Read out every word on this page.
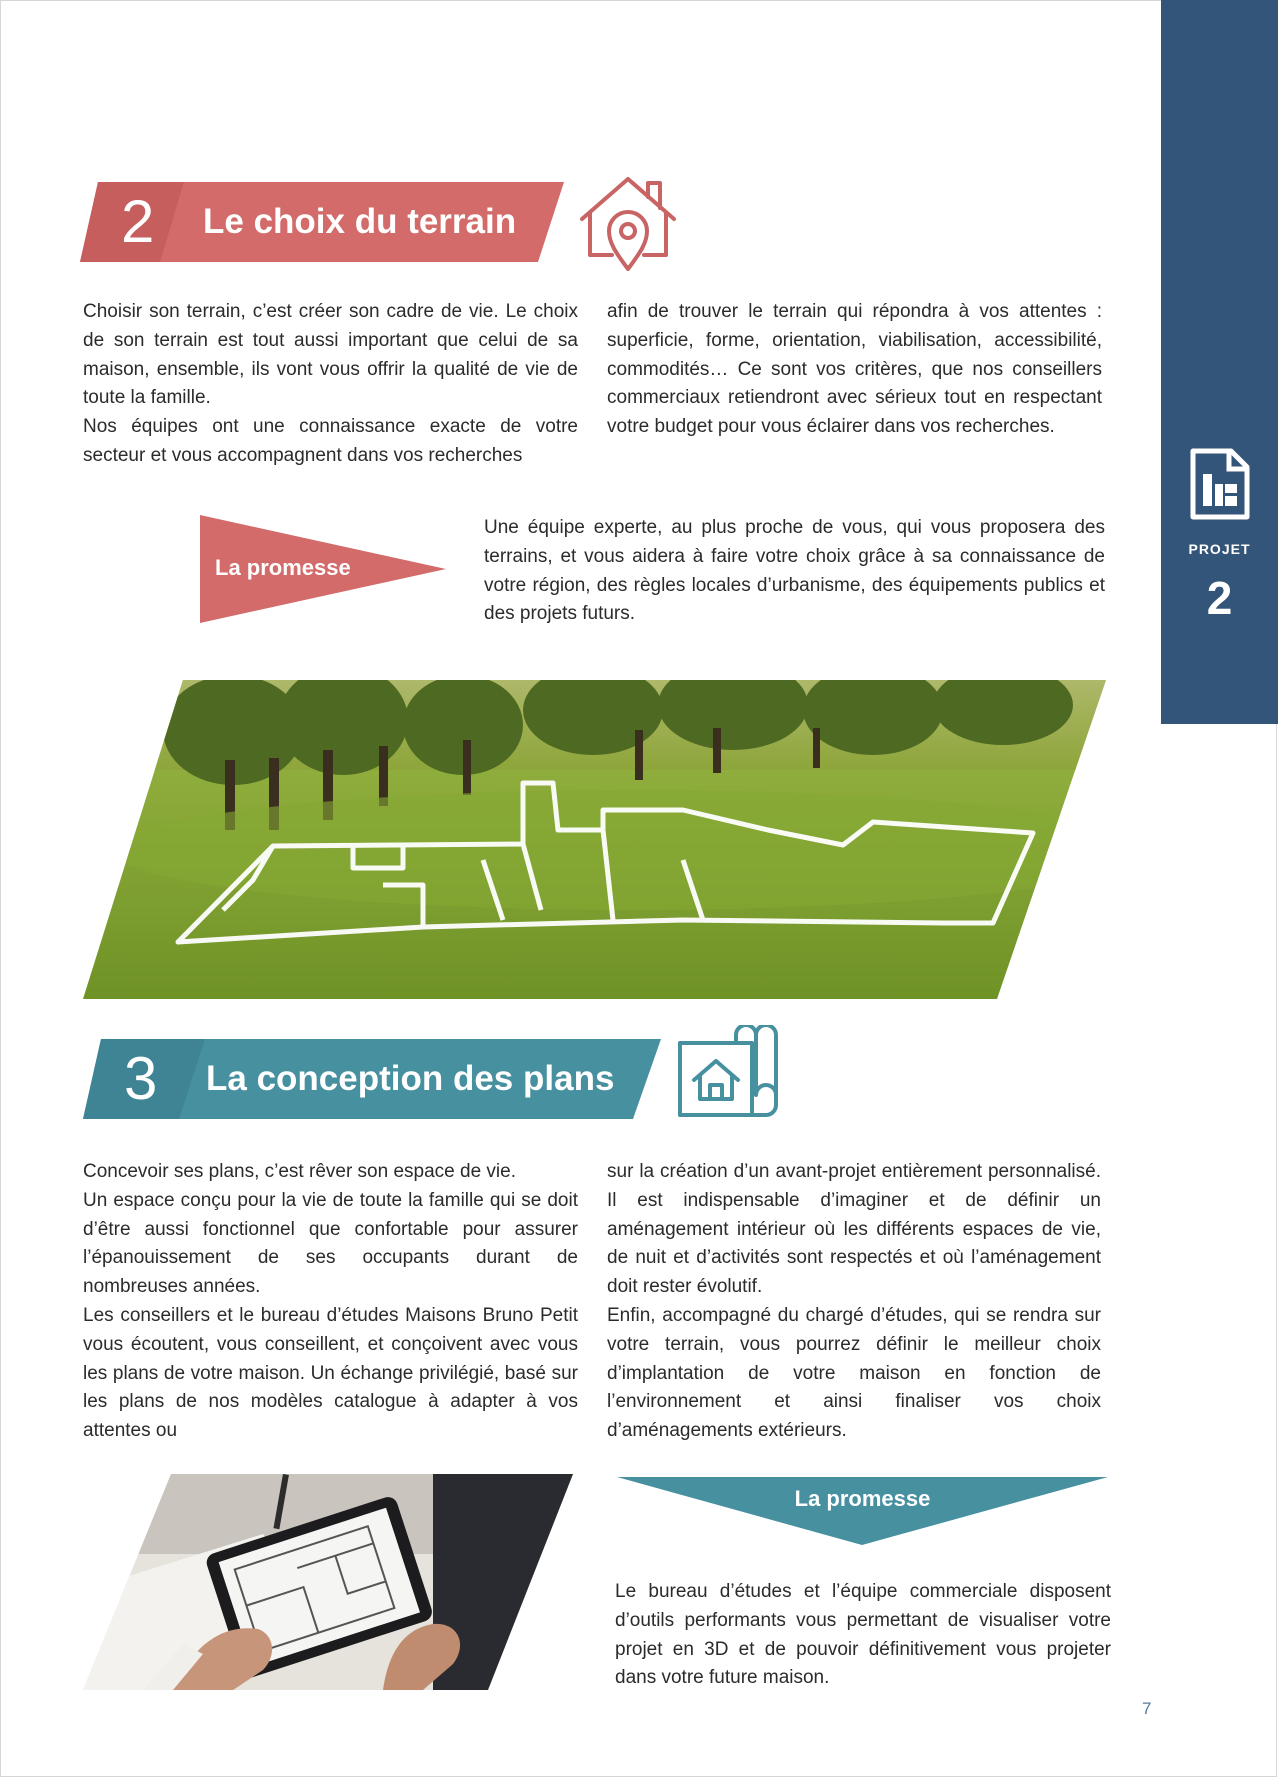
PROJET
2
2 Le choix du terrain

Choisir son terrain, c’est créer son cadre de vie. Le choix de son terrain est tout aussi important que celui de sa maison, ensemble, ils vont vous offrir la qualité de vie de toute la famille.

Nos équipes ont une connaissance exacte de votre secteur et vous accompagnent dans vos recherches

afin de trouver le terrain qui répondra à vos attentes : superficie, forme, orientation, viabilisation, accessibilité, commodités… Ce sont vos critères, que nos conseillers commerciaux retiendront avec sérieux tout en respectant votre budget pour vous éclairer dans vos recherches.

La promesse

Une équipe experte, au plus proche de vous, qui vous proposera des terrains, et vous aidera à faire votre choix grâce à sa connaissance de votre région, des règles locales d’urbanisme, des équipements publics et des projets futurs.

3 La conception des plans

Concevoir ses plans, c’est rêver son espace de vie.

Un espace conçu pour la vie de toute la famille qui se doit d’être aussi fonctionnel que confortable pour assurer l’épanouissement de ses occupants durant de nombreuses années.

Les conseillers et le bureau d’études Maisons Bruno Petit vous écoutent, vous conseillent, et conçoivent avec vous les plans de votre maison. Un échange privilégié, basé sur les plans de nos modèles catalogue à adapter à vos attentes ou

sur la création d’un avant-projet entièrement personnalisé. Il est indispensable d’imaginer et de définir un aménagement intérieur où les différents espaces de vie, de nuit et d’activités sont respectés et où l’aménagement doit rester évolutif.

Enfin, accompagné du chargé d’études, qui se rendra sur votre terrain, vous pourrez définir le meilleur choix d’implantation de votre maison en fonction de l’environnement et ainsi finaliser vos choix d’aménagements extérieurs.

La promesse

Le bureau d’études et l’équipe commerciale disposent d’outils performants vous permettant de visualiser votre projet en 3D et de pouvoir définitivement vous projeter dans votre future maison.

7
